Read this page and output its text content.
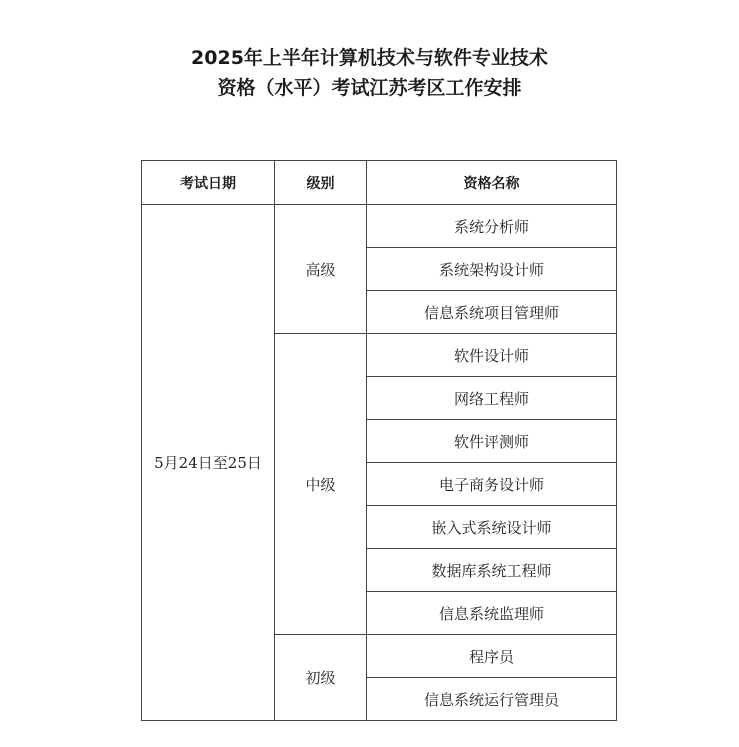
2025年上半年计算机技术与软件专业技术
资格（水平）考试江苏考区工作安排
考试日期	级别	资格名称
5月24日至25日	高级	系统分析师
		系统架构设计师
		信息系统项目管理师
	中级	软件设计师
		网络工程师
		软件评测师
		电子商务设计师
		嵌入式系统设计师
		数据库系统工程师
		信息系统监理师
	初级	程序员
		信息系统运行管理员
